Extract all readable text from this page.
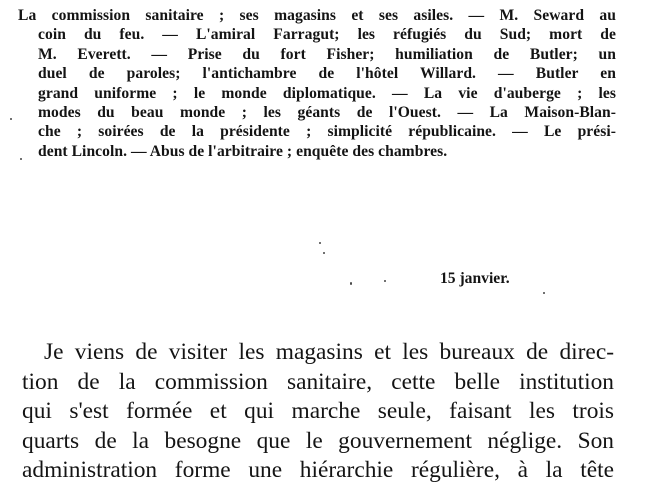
La commission sanitaire ; ses magasins et ses asiles. — M. Seward au
coin du feu. — L'amiral Farragut; les réfugiés du Sud; mort de
M. Everett. — Prise du fort Fisher; humiliation de Butler; un
duel de paroles; l'antichambre de l'hôtel Willard. — Butler en
grand uniforme ; le monde diplomatique. — La vie d'auberge ; les
modes du beau monde ; les géants de l'Ouest. — La Maison-Blan-
che ; soirées de la présidente ; simplicité républicaine. — Le prési-
dent Lincoln. — Abus de l'arbitraire ; enquête des chambres.
15 janvier.
Je viens de visiter les magasins et les bureaux de direc-
tion de la commission sanitaire, cette belle institution
qui s'est formée et qui marche seule, faisant les trois
quarts de la besogne que le gouvernement néglige. Son
administration forme une hiérarchie régulière, à la tête
